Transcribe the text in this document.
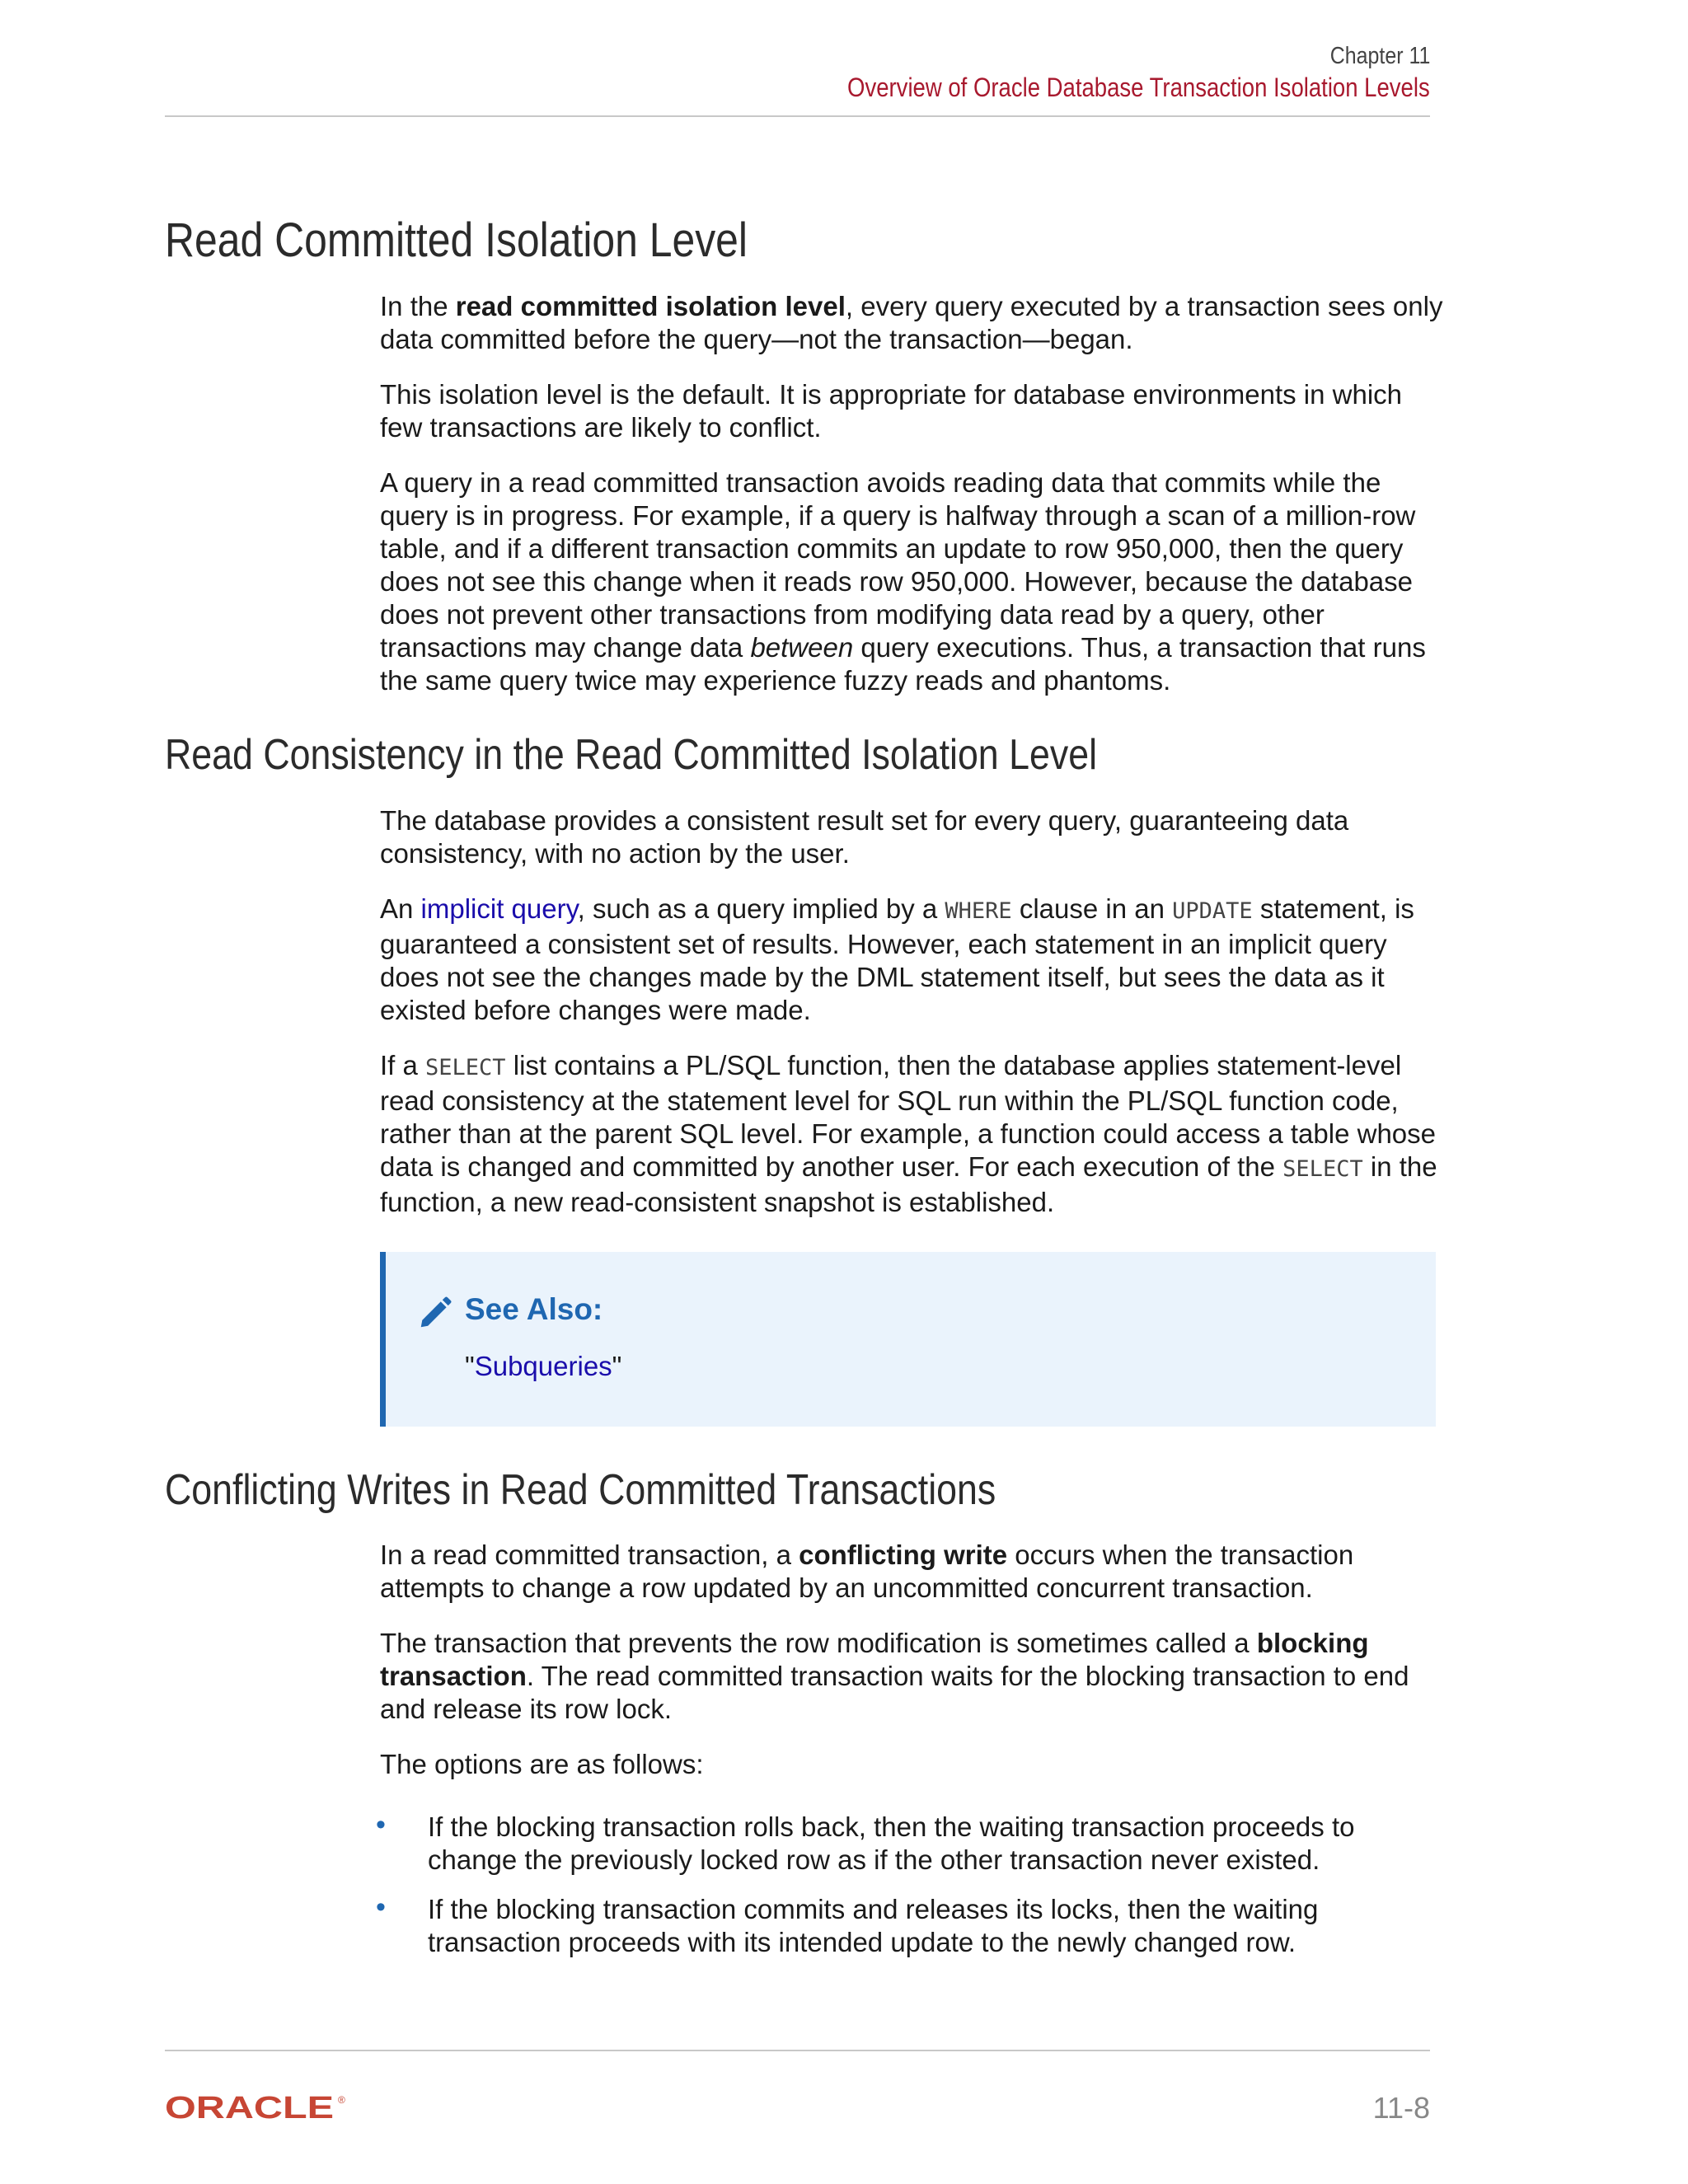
Chapter 11
Overview of Oracle Database Transaction Isolation Levels
Read Committed Isolation Level

In the read committed isolation level, every query executed by a transaction sees only data committed before the query—not the transaction—began.

This isolation level is the default. It is appropriate for database environments in which few transactions are likely to conflict.

A query in a read committed transaction avoids reading data that commits while the query is in progress. For example, if a query is halfway through a scan of a million-row table, and if a different transaction commits an update to row 950,000, then the query does not see this change when it reads row 950,000. However, because the database does not prevent other transactions from modifying data read by a query, other transactions may change data between query executions. Thus, a transaction that runs the same query twice may experience fuzzy reads and phantoms.

Read Consistency in the Read Committed Isolation Level

The database provides a consistent result set for every query, guaranteeing data consistency, with no action by the user.

An implicit query, such as a query implied by a WHERE clause in an UPDATE statement, is guaranteed a consistent set of results. However, each statement in an implicit query does not see the changes made by the DML statement itself, but sees the data as it existed before changes were made.

If a SELECT list contains a PL/SQL function, then the database applies statement-level read consistency at the statement level for SQL run within the PL/SQL function code, rather than at the parent SQL level. For example, a function could access a table whose data is changed and committed by another user. For each execution of the SELECT in the function, a new read-consistent snapshot is established.

See Also:
"Subqueries"
Conflicting Writes in Read Committed Transactions

In a read committed transaction, a conflicting write occurs when the transaction attempts to change a row updated by an uncommitted concurrent transaction.

The transaction that prevents the row modification is sometimes called a blocking transaction. The read committed transaction waits for the blocking transaction to end and release its row lock.

The options are as follows:

• If the blocking transaction rolls back, then the waiting transaction proceeds to change the previously locked row as if the other transaction never existed.
• If the blocking transaction commits and releases its locks, then the waiting transaction proceeds with its intended update to the newly changed row.
ORACLE ®	11-8
